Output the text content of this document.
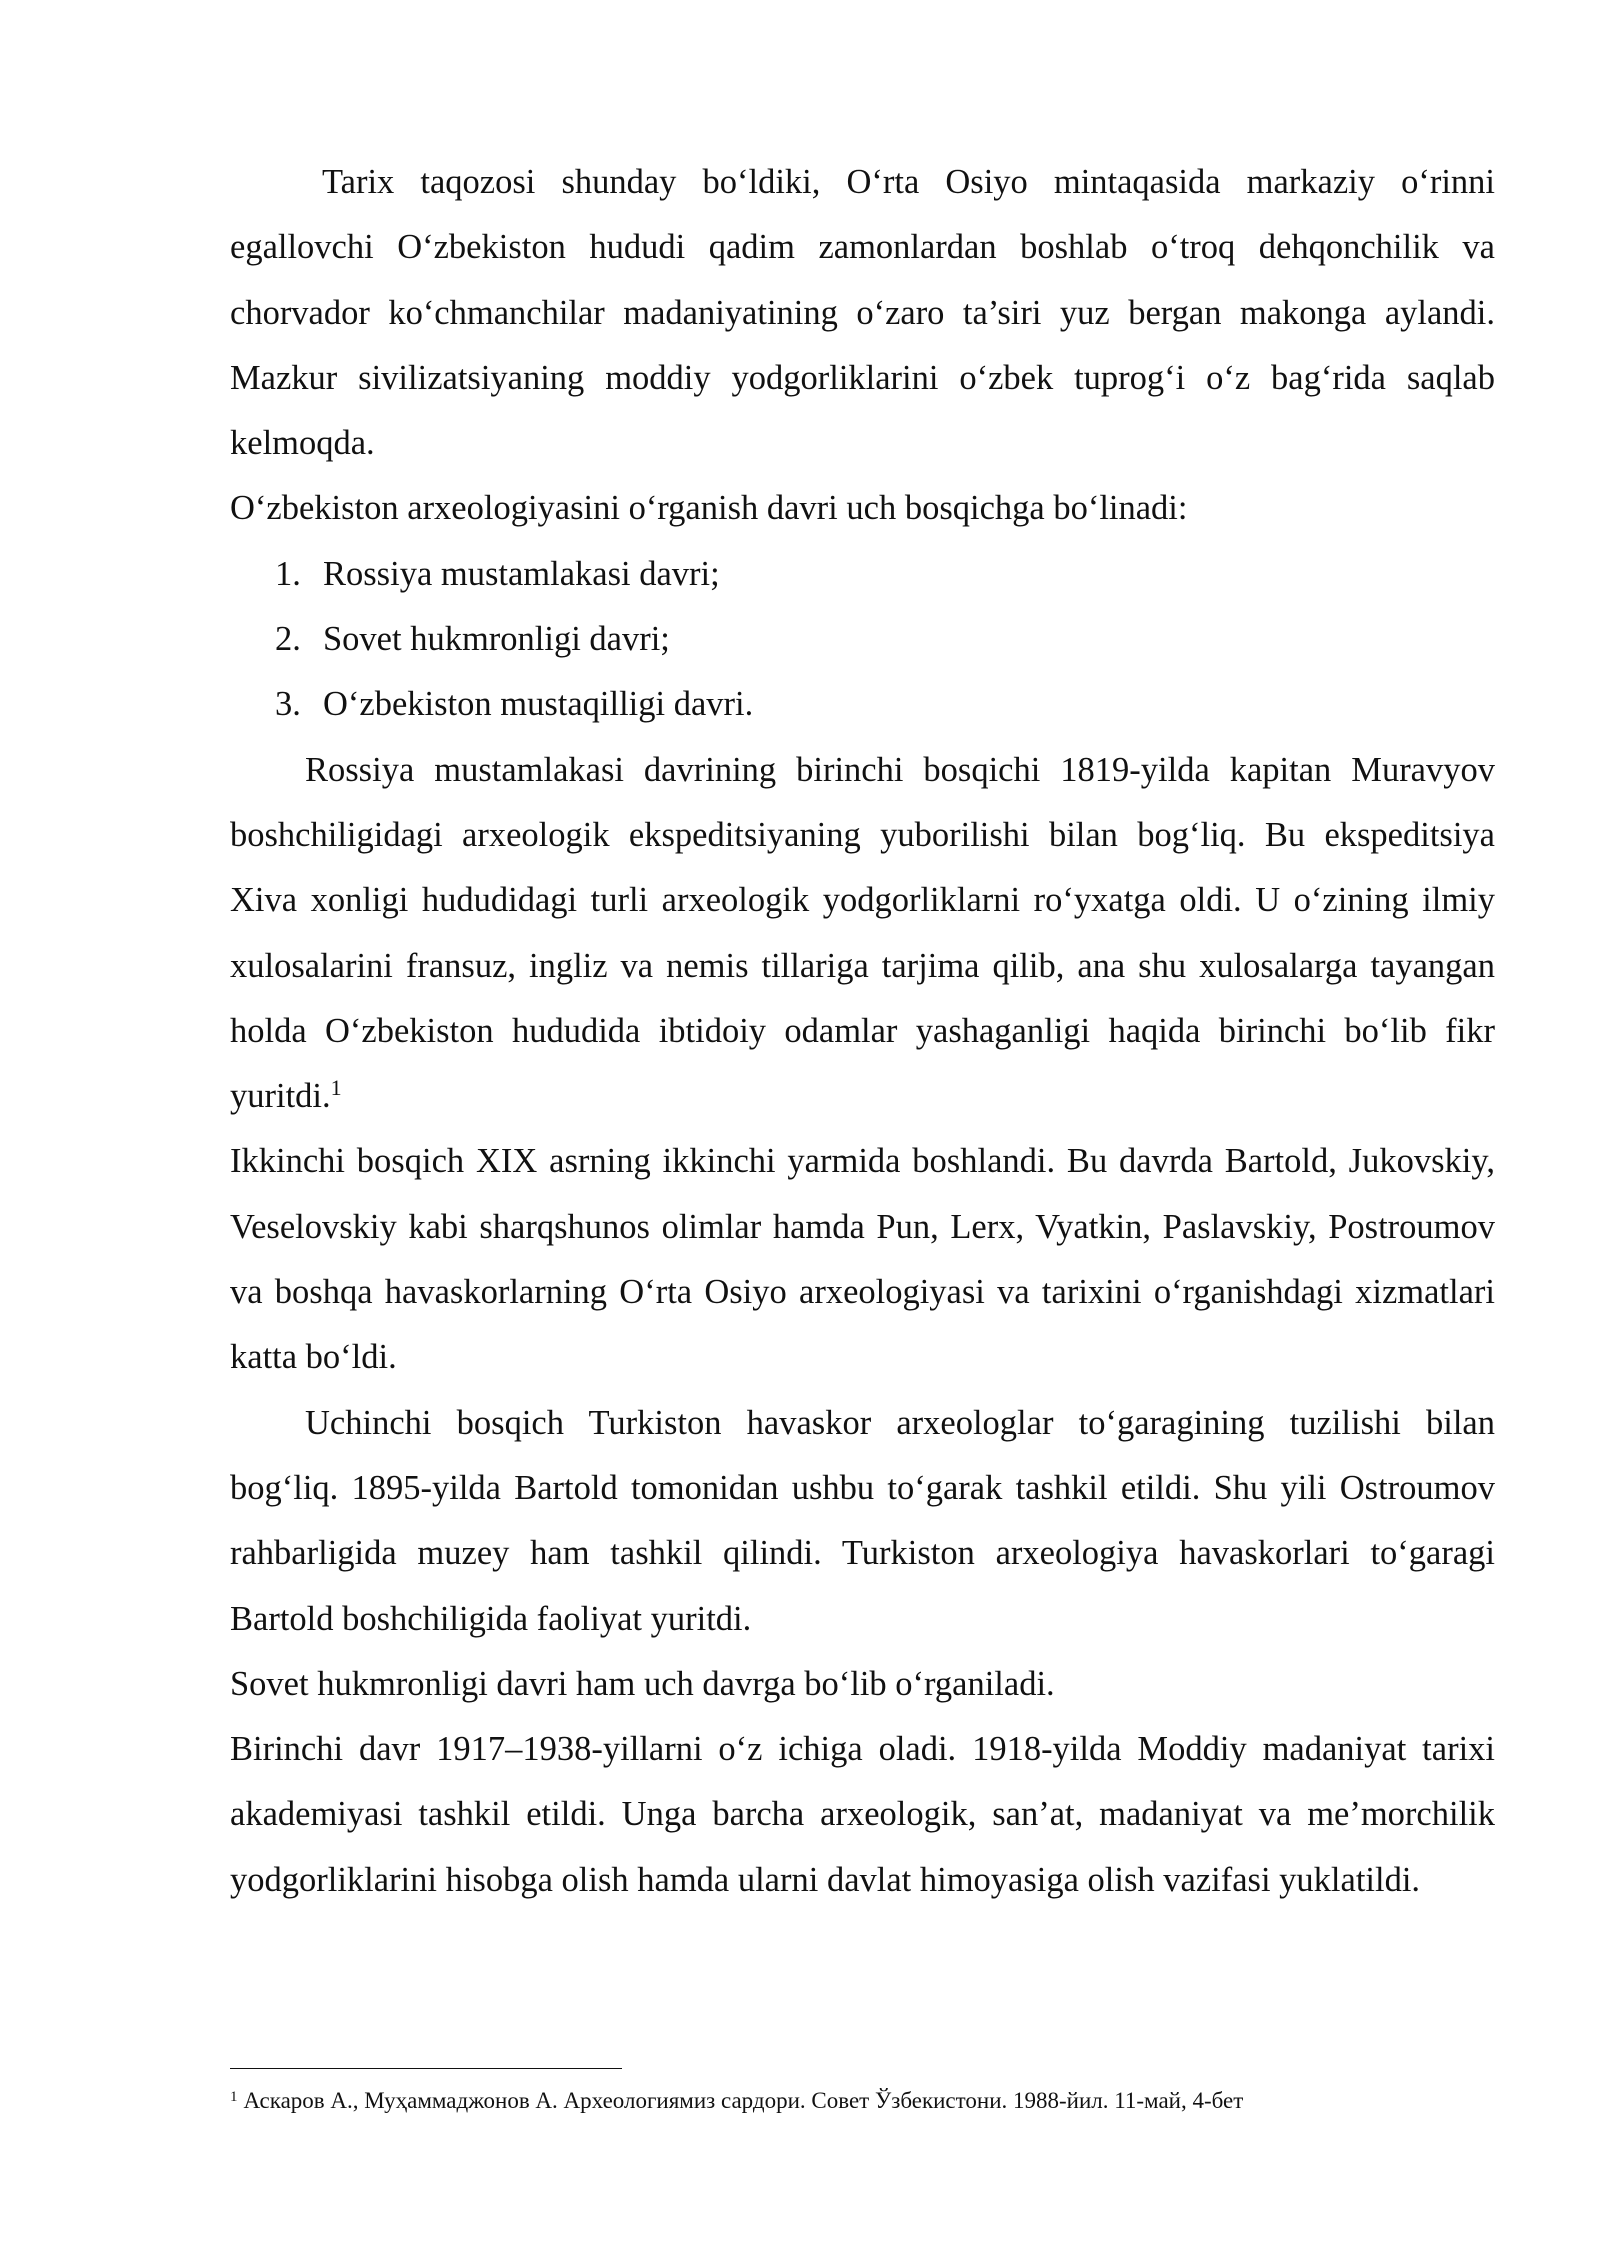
Tarix taqozosi shunday bo‘ldiki, O‘rta Osiyo mintaqasida markaziy o‘rinni egallovchi O‘zbekiston hududi qadim zamonlardan boshlab o‘troq dehqonchilik va chorvador ko‘chmanchilar madaniyatining o‘zaro ta’siri yuz bergan makonga aylandi. Mazkur sivilizatsiyaning moddiy yodgorliklarini o‘zbek tuprog‘i o‘z bag‘rida saqlab kelmoqda.

O‘zbekiston arxeologiyasini o‘rganish davri uch bosqichga bo‘linadi:

1. Rossiya mustamlakasi davri;
2. Sovet hukmronligi davri;
3. O‘zbekiston mustaqilligi davri.

Rossiya mustamlakasi davrining birinchi bosqichi 1819-yilda kapitan Muravyov boshchiligidagi arxeologik ekspeditsiyaning yuborilishi bilan bog‘liq. Bu ekspeditsiya Xiva xonligi hududidagi turli arxeologik yodgorliklarni ro‘yxatga oldi. U o‘zining ilmiy xulosalarini fransuz, ingliz va nemis tillariga tarjima qilib, ana shu xulosalarga tayangan holda O‘zbekiston hududida ibtidoiy odamlar yashaganligi haqida birinchi bo‘lib fikr yuritdi.$^1$

Ikkinchi bosqich XIX asrning ikkinchi yarmida boshlandi. Bu davrda Bartold, Jukovskiy, Veselovskiy kabi sharqshunos olimlar hamda Pun, Lerx, Vyatkin, Paslavskiy, Postroumov va boshqa havaskorlarning O‘rta Osiyo arxeologiyasi va tarixini o‘rganishdagi xizmatlari katta bo‘ldi.

Uchinchi bosqich Turkiston havaskor arxeologlar to‘garagining tuzilishi bilan bog‘liq. 1895-yilda Bartold tomonidan ushbu to‘garak tashkil etildi. Shu yili Ostroumov rahbarligida muzey ham tashkil qilindi. Turkiston arxeologiya havaskorlari to‘garagi Bartold boshchiligida faoliyat yuritdi.

Sovet hukmronligi davri ham uch davrga bo‘lib o‘rganiladi.

Birinchi davr 1917–1938-yillarni o‘z ichiga oladi. 1918-yilda Moddiy madaniyat tarixi akademiyasi tashkil etildi. Unga barcha arxeologik, san’at, madaniyat va me’morchilik yodgorliklarini hisobga olish hamda ularni davlat himoyasiga olish vazifasi yuklatildi.

$^1$ Аскаров А., Муҳаммаджонов А. Археологиямиз сардори. Совет Ўзбекистони. 1988-йил. 11-май, 4-бет
